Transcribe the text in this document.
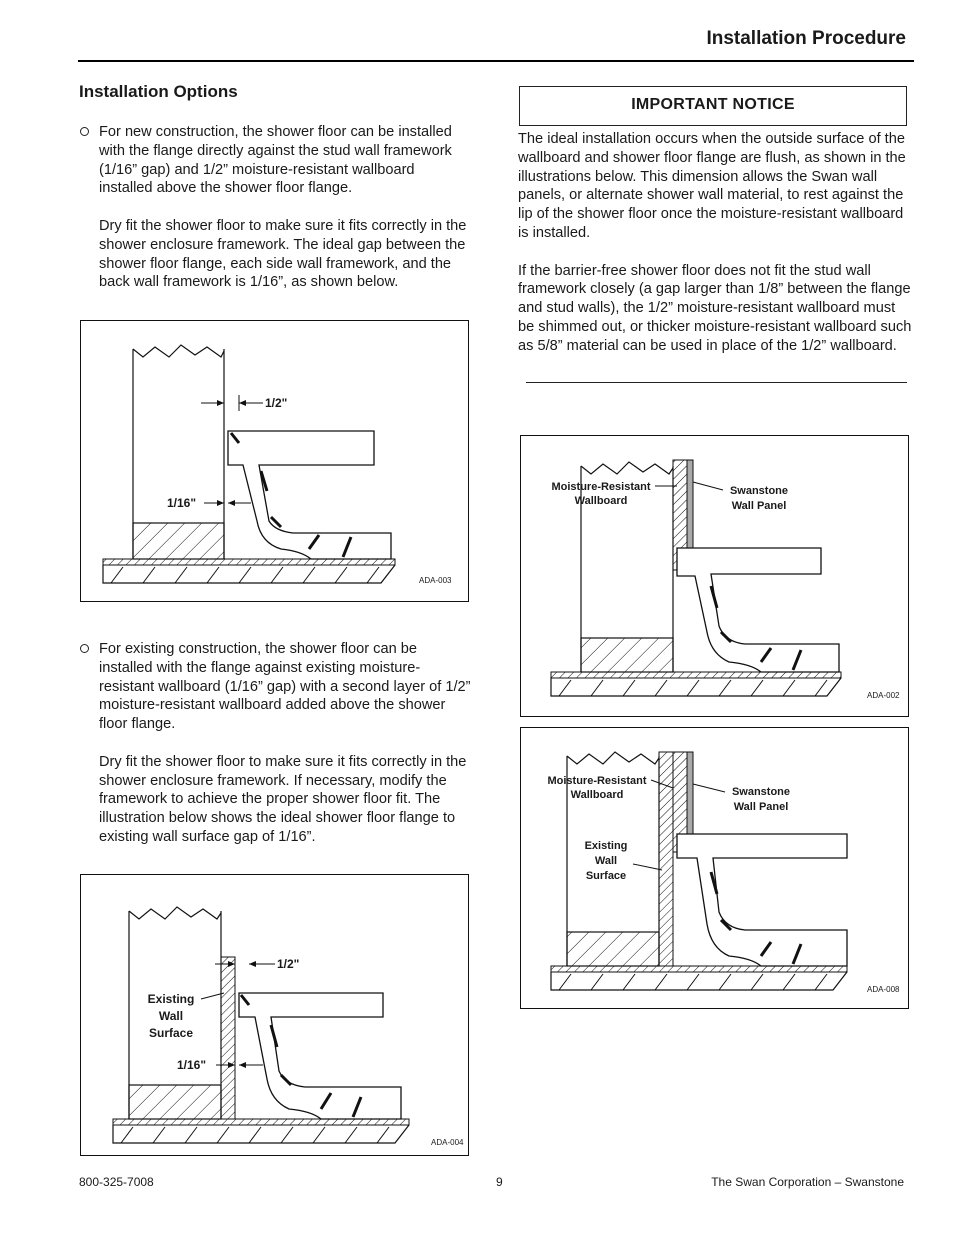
Installation Procedure
Installation Options

For new construction, the shower floor can be installed with the flange directly against the stud wall framework (1/16” gap) and 1/2” moisture-resistant wallboard installed above the shower floor flange.

Dry fit the shower floor to make sure it fits correctly in the shower enclosure framework. The ideal gap between the shower floor flange, each side wall framework, and the back wall framework is 1/16”, as shown below.

For existing construction, the shower floor can be installed with the flange against existing moisture-resistant wallboard (1/16” gap) with a second layer of 1/2” moisture-resistant wallboard added above the shower floor flange.

Dry fit the shower floor to make sure it fits correctly in the shower enclosure framework. If necessary, modify the framework to achieve the proper shower floor fit. The illustration below shows the ideal shower floor flange to existing wall surface gap of 1/16”.

1/2"
1/16"
ADA-003
1/2"
1/16"
Existing
Wall
Surface
ADA-004
IMPORTANT NOTICE

The ideal installation occurs when the outside surface of the wallboard and shower floor flange are flush, as shown in the illustrations below. This dimension allows the Swan wall panels, or alternate shower wall material, to rest against the lip of the shower floor once the moisture-resistant wallboard is installed.

If the barrier-free shower floor does not fit the stud wall framework closely (a gap larger than 1/8” between the flange and stud walls), the 1/2” moisture-resistant wallboard must be shimmed out, or thicker moisture-resistant wallboard such as 5/8” material can be used in place of the 1/2” wallboard.

Moisture-Resistant
Wallboard
Swanstone
Wall Panel
ADA-002
Moisture-Resistant
Wallboard	Swanstone
Wall Panel
Existing
Wall
Surface
ADA-008
800-325-7008	9	The Swan Corporation – Swanstone
